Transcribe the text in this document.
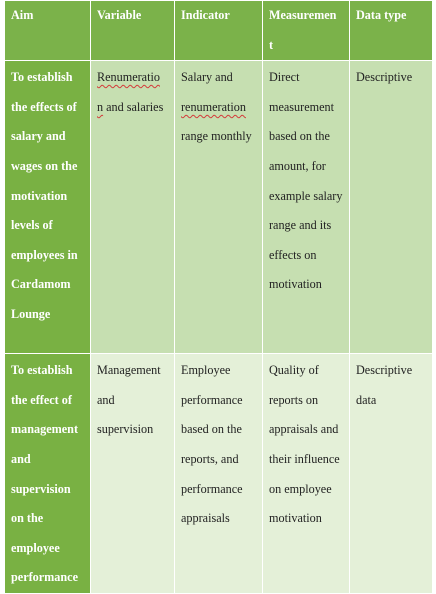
Aim	Variable	Indicator	Measuremen t	Data type
To establish the effects of salary and wages on the motivation levels of employees in Cardamom Lounge	Renumeratio n and salaries	Salary and renumeration range monthly	Direct measurement based on the amount, for example salary range and its effects on motivation	Descriptive
To establish the effect of management and supervision on the employee performance	Management and supervision	Employee performance based on the reports, and performance appraisals	Quality of reports on appraisals and their influence on employee motivation	Descriptive data
